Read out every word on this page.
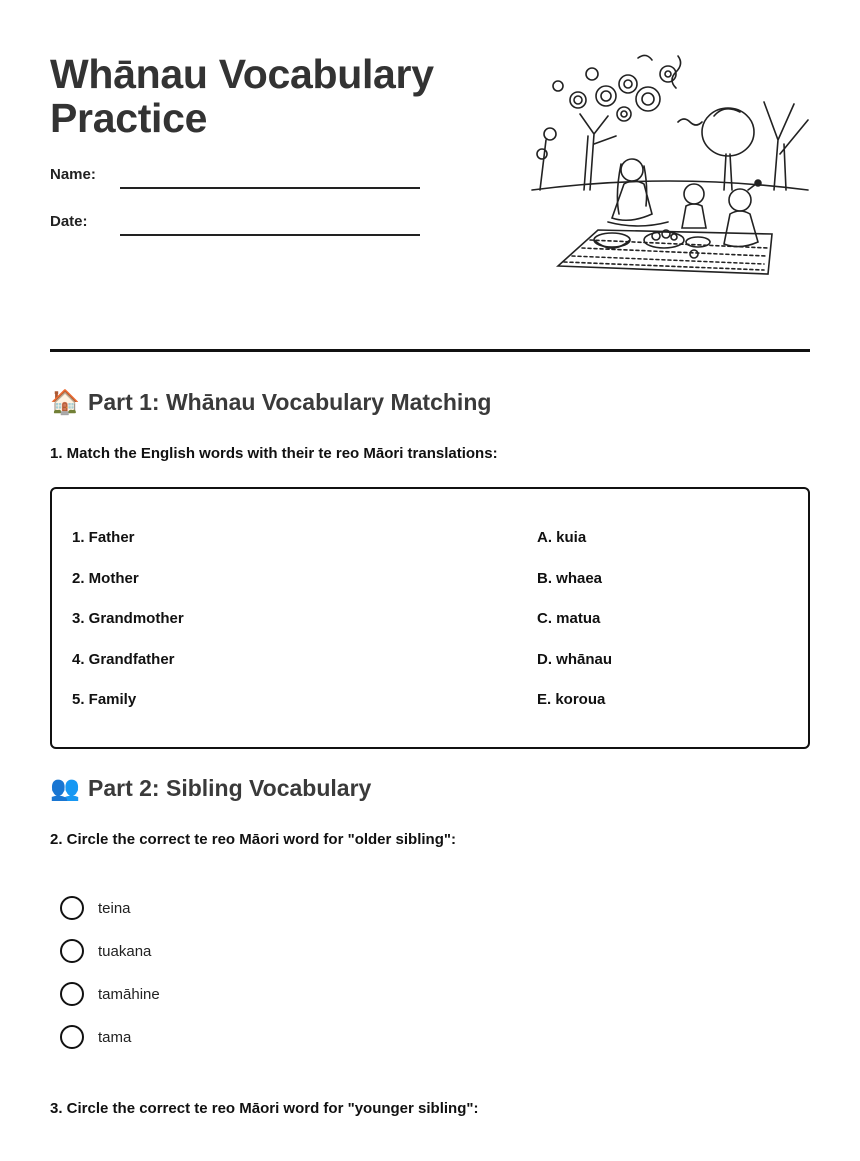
Whānau Vocabulary
Practice
Name:
Date:
🏠 Part 1: Whānau Vocabulary Matching
1. Match the English words with their te reo Māori translations:
1. Father
2. Mother
3. Grandmother
4. Grandfather
5. Family
A. kuia
B. whaea
C. matua
D. whānau
E. koroua
👥 Part 2: Sibling Vocabulary
2. Circle the correct te reo Māori word for "older sibling":
teina
tuakana
tamāhine
tama
3. Circle the correct te reo Māori word for "younger sibling":
